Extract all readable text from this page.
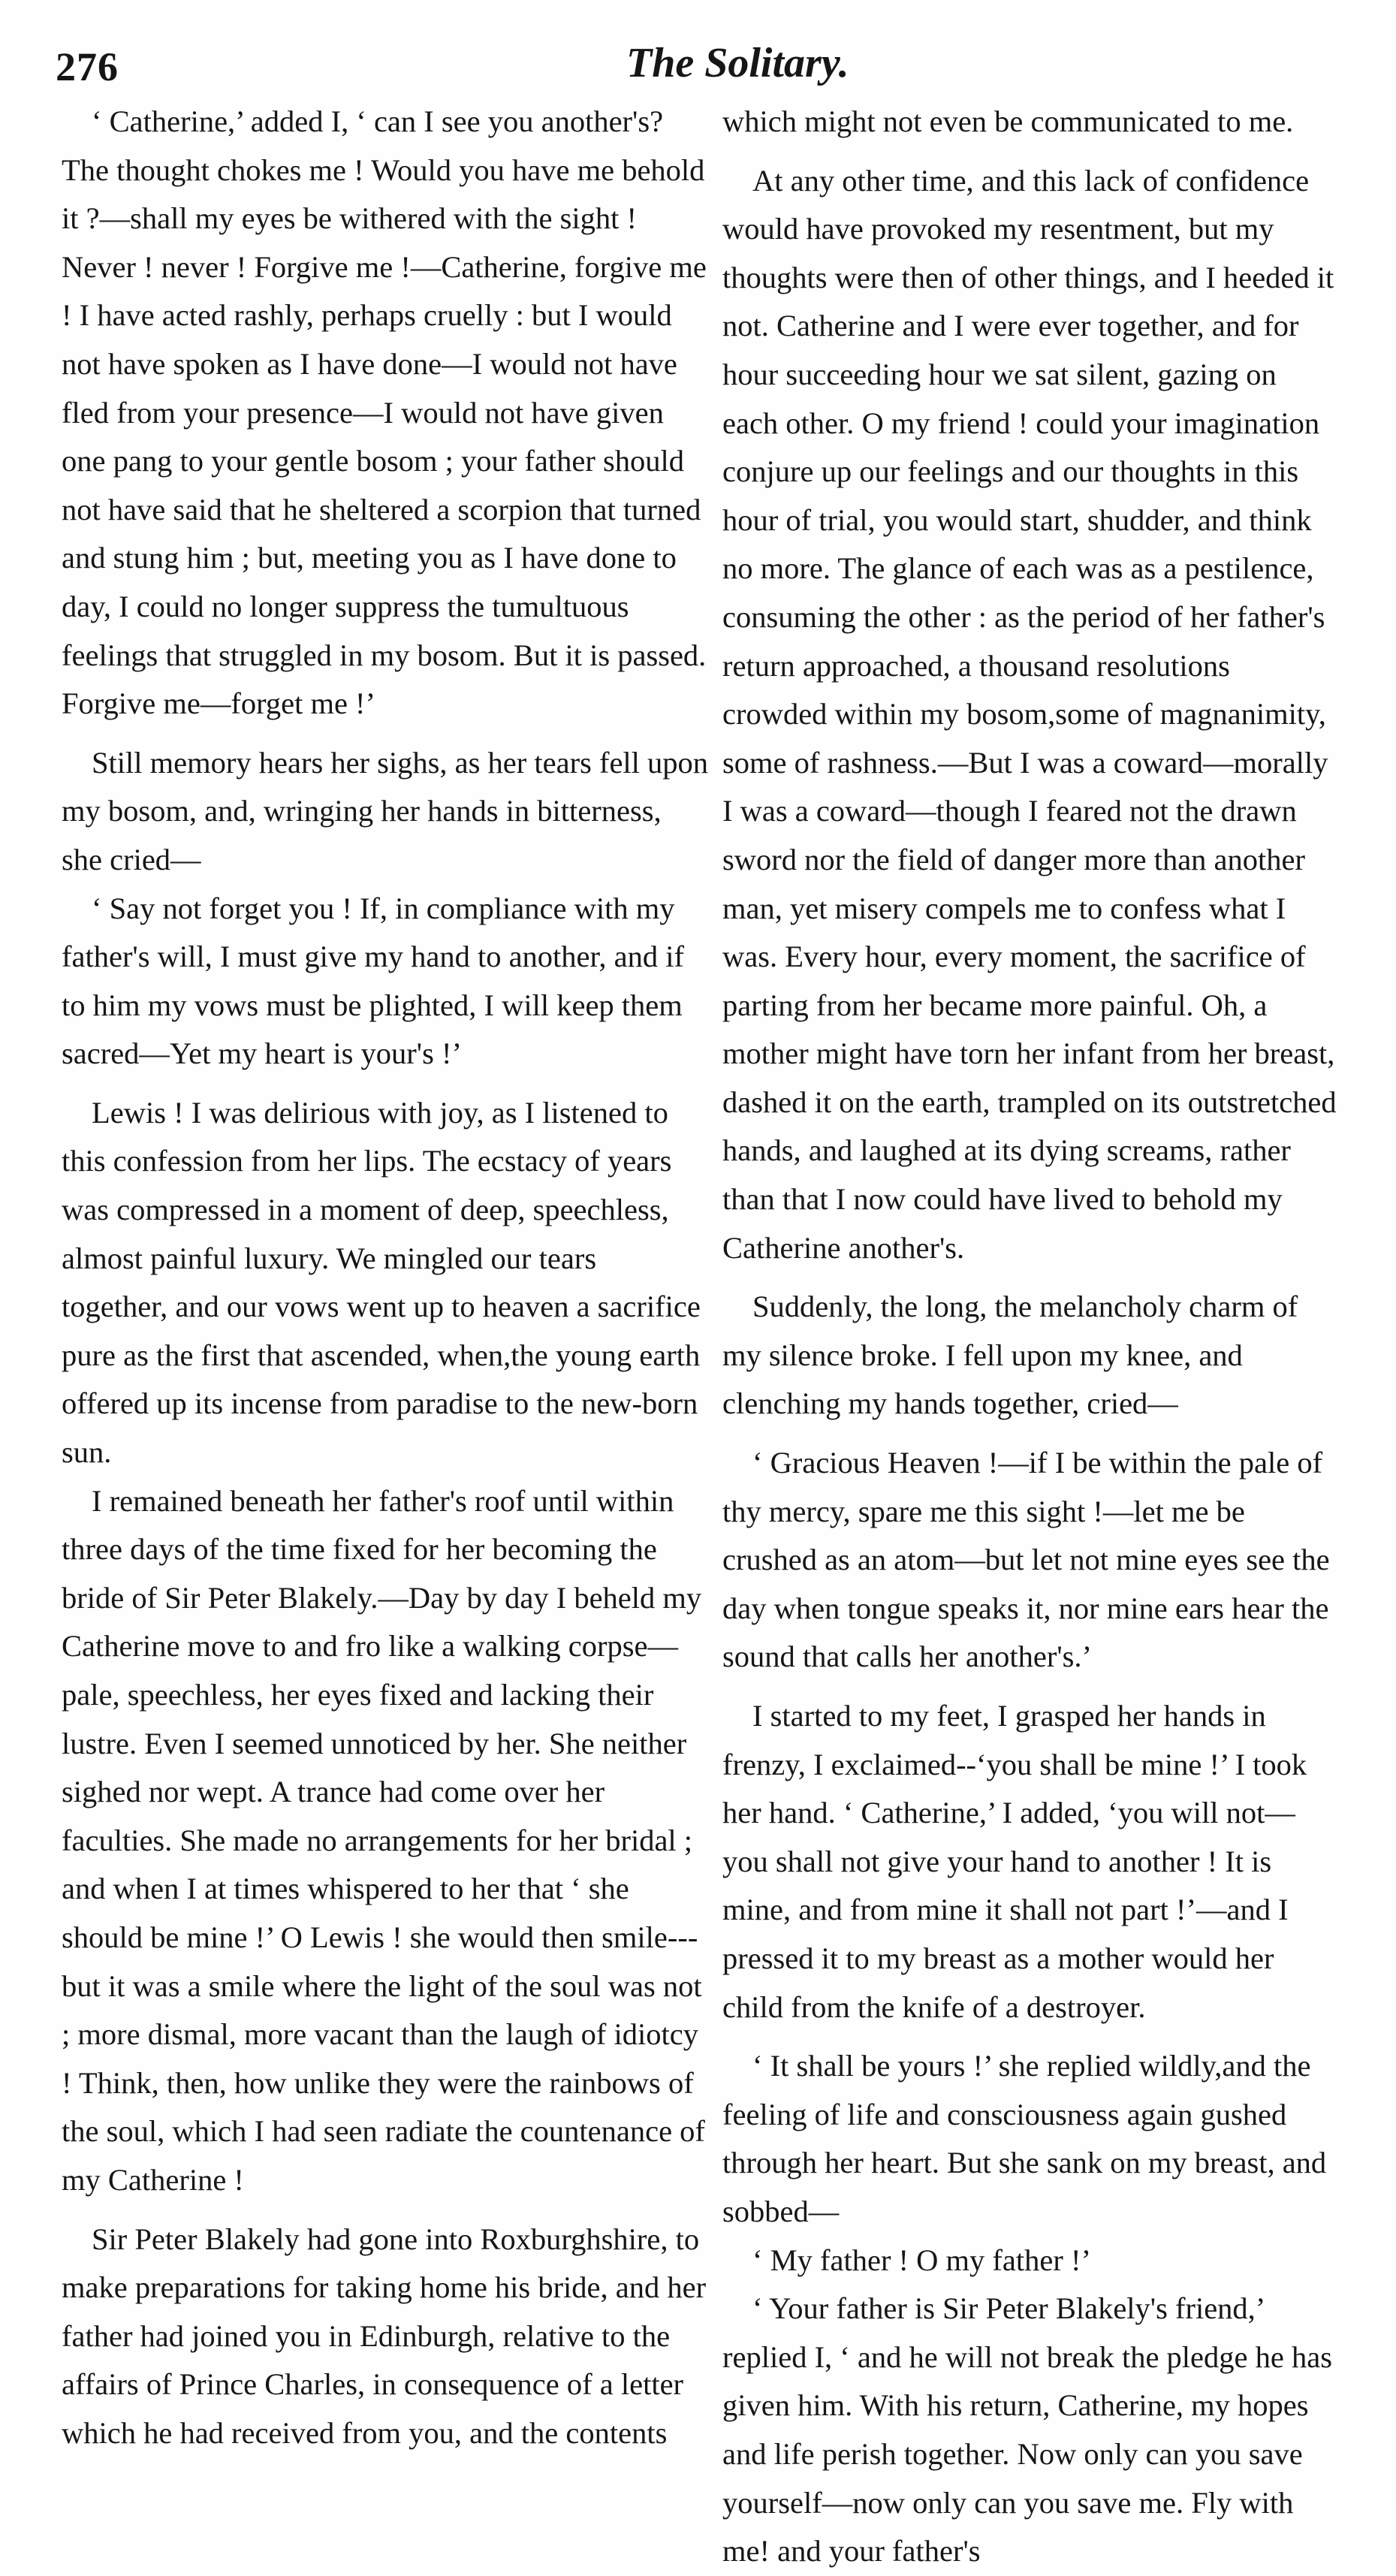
276	The Solitary.

‘ Catherine,’ added I, ‘ can I see you another's? The thought chokes me ! Would you have me behold it ?—shall my eyes be withered with the sight ! Never ! never ! Forgive me !—Catherine, forgive me ! I have acted rashly, perhaps cruelly : but I would not have spoken as I have done—I would not have fled from your presence—I would not have given one pang to your gentle bosom ; your father should not have said that he sheltered a scorpion that turned and stung him ; but, meeting you as I have done to day, I could no longer suppress the tumultuous feelings that struggled in my bosom. But it is passed. Forgive me—forget me !’

Still memory hears her sighs, as her tears fell upon my bosom, and, wringing her hands in bitterness, she cried—

‘ Say not forget you ! If, in compliance with my father's will, I must give my hand to another, and if to him my vows must be plighted, I will keep them sacred—Yet my heart is your's !’

Lewis ! I was delirious with joy, as I listened to this confession from her lips. The ecstacy of years was compressed in a moment of deep, speechless, almost painful luxury. We mingled our tears together, and our vows went up to heaven a sacrifice pure as the first that ascended, when,the young earth offered up its incense from paradise to the new-born sun.

I remained beneath her father's roof until within three days of the time fixed for her becoming the bride of Sir Peter Blakely.—Day by day I beheld my Catherine move to and fro like a walking corpse—pale, speechless, her eyes fixed and lacking their lustre. Even I seemed unnoticed by her. She neither sighed nor wept. A trance had come over her faculties. She made no arrangements for her bridal ; and when I at times whispered to her that ‘ she should be mine !’ O Lewis ! she would then smile---but it was a smile where the light of the soul was not ; more dismal, more vacant than the laugh of idiotcy ! Think, then, how unlike they were the rainbows of the soul, which I had seen radiate the countenance of my Catherine !

Sir Peter Blakely had gone into Roxburghshire, to make preparations for taking home his bride, and her father had joined you in Edinburgh, relative to the affairs of Prince Charles, in consequence of a letter which he had received from you, and the contents

which might not even be communicated to me.

At any other time, and this lack of confidence would have provoked my resentment, but my thoughts were then of other things, and I heeded it not. Catherine and I were ever together, and for hour succeeding hour we sat silent, gazing on each other. O my friend ! could your imagination conjure up our feelings and our thoughts in this hour of trial, you would start, shudder, and think no more. The glance of each was as a pestilence, consuming the other : as the period of her father's return approached, a thousand resolutions crowded within my bosom,some of magnanimity, some of rashness.—But I was a coward—morally I was a coward—though I feared not the drawn sword nor the field of danger more than another man, yet misery compels me to confess what I was. Every hour, every moment, the sacrifice of parting from her became more painful. Oh, a mother might have torn her infant from her breast, dashed it on the earth, trampled on its outstretched hands, and laughed at its dying screams, rather than that I now could have lived to behold my Catherine another's.

Suddenly, the long, the melancholy charm of my silence broke. I fell upon my knee, and clenching my hands together, cried—

‘ Gracious Heaven !—if I be within the pale of thy mercy, spare me this sight !—let me be crushed as an atom—but let not mine eyes see the day when tongue speaks it, nor mine ears hear the sound that calls her another's.’

I started to my feet, I grasped her hands in frenzy, I exclaimed--‘you shall be mine !’ I took her hand. ‘ Catherine,’ I added, ‘you will not—you shall not give your hand to another ! It is mine, and from mine it shall not part !’—and I pressed it to my breast as a mother would her child from the knife of a destroyer.

‘ It shall be yours !’ she replied wildly,and the feeling of life and consciousness again gushed through her heart. But she sank on my breast, and sobbed—

‘ My father ! O my father !’

‘ Your father is Sir Peter Blakely's friend,’ replied I, ‘ and he will not break the pledge he has given him. With his return, Catherine, my hopes and life perish together. Now only can you save yourself—now only can you save me. Fly with me! and your father's
